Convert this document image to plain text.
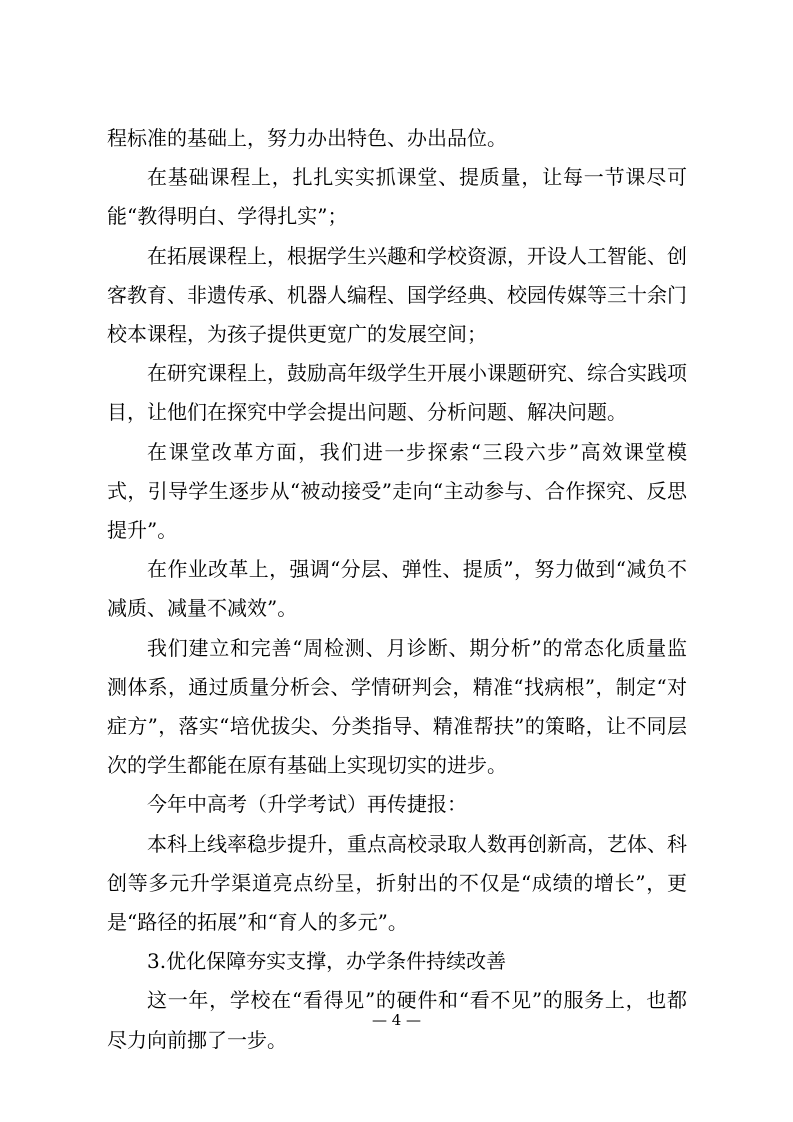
程标准的基础上，努力办出特色、办出品位。

在基础课程上，扎扎实实抓课堂、提质量，让每一节课尽可能“教得明白、学得扎实”；

在拓展课程上，根据学生兴趣和学校资源，开设人工智能、创客教育、非遗传承、机器人编程、国学经典、校园传媒等三十余门校本课程，为孩子提供更宽广的发展空间；

在研究课程上，鼓励高年级学生开展小课题研究、综合实践项目，让他们在探究中学会提出问题、分析问题、解决问题。

在课堂改革方面，我们进一步探索“三段六步”高效课堂模式，引导学生逐步从“被动接受”走向“主动参与、合作探究、反思提升”。

在作业改革上，强调“分层、弹性、提质”，努力做到“减负不减质、减量不减效”。

我们建立和完善“周检测、月诊断、期分析”的常态化质量监测体系，通过质量分析会、学情研判会，精准“找病根”，制定“对症方”，落实“培优拔尖、分类指导、精准帮扶”的策略，让不同层次的学生都能在原有基础上实现切实的进步。

今年中高考（升学考试）再传捷报：

本科上线率稳步提升，重点高校录取人数再创新高，艺体、科创等多元升学渠道亮点纷呈，折射出的不仅是“成绩的增长”，更是“路径的拓展”和“育人的多元”。

3.优化保障夯实支撑，办学条件持续改善

这一年，学校在“看得见”的硬件和“看不见”的服务上，也都尽力向前挪了一步。

— 4 —
